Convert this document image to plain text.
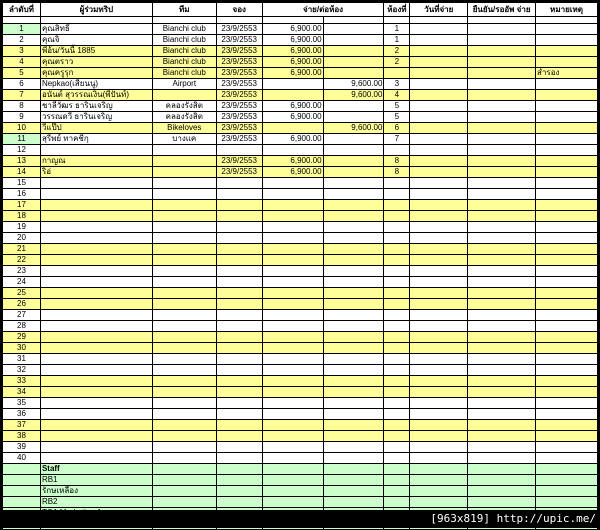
ลำดับที่	ผู้ร่วมทริป	ทีม	จอง	จ่าย/ต่อห้อง		ห้องที่	วันที่จ่าย	ยืนยัน/รออัพ จ่าย	หมายเหตุ

1	คุณสิทธิ์	Bianchi club	23/9/2553	6,900.00		1			
2	คุณจิ	Bianchi club	23/9/2553	6,900.00		1			
3	พี่อ้น/วันนี้ 1885	Bianchi club	23/9/2553	6,900.00		2			
4	คุณตราว	Bianchi club	23/9/2553	6,900.00		2			
5	คุณครูรุก	Bianchi club	23/9/2553	6,900.00					สำรอง
6	Nepkao(เสี่ยนนู)	Airport	23/9/2553		9,600.00	3			
7	อนันต์ สุวรรณเงิน(พี่ปันท์)		23/9/2553		9,600.00	4			
8	ชาลีวัฒร ธารินเจริญ	คลองรังสิต	23/9/2553	6,900.00		5			
9	วรรณดวี ธารินเจริญ	คลองรังสิต	23/9/2553	6,900.00		5			
10	วีแป๊ป	Bikeloves	23/9/2553		9,600.00	6			
11	สุรีพย์ ทาคชีกุ	บางแค	23/9/2553	6,900.00		7			
12									
13	กาญณ		23/9/2553	6,900.00		8			
14	ริอ่		23/9/2553	6,900.00		8			
15									
16									
17									
18									
19									
20									
21									
22									
23									
24									
25									
26									
27									
28									
29									
30									
31									
32									
33									
34									
35									
36									
37									
38									
39									
40									
	Staff								
	RB1								
	รักษเหลือง								
	RB2								

[963x819] http://upic.me/
